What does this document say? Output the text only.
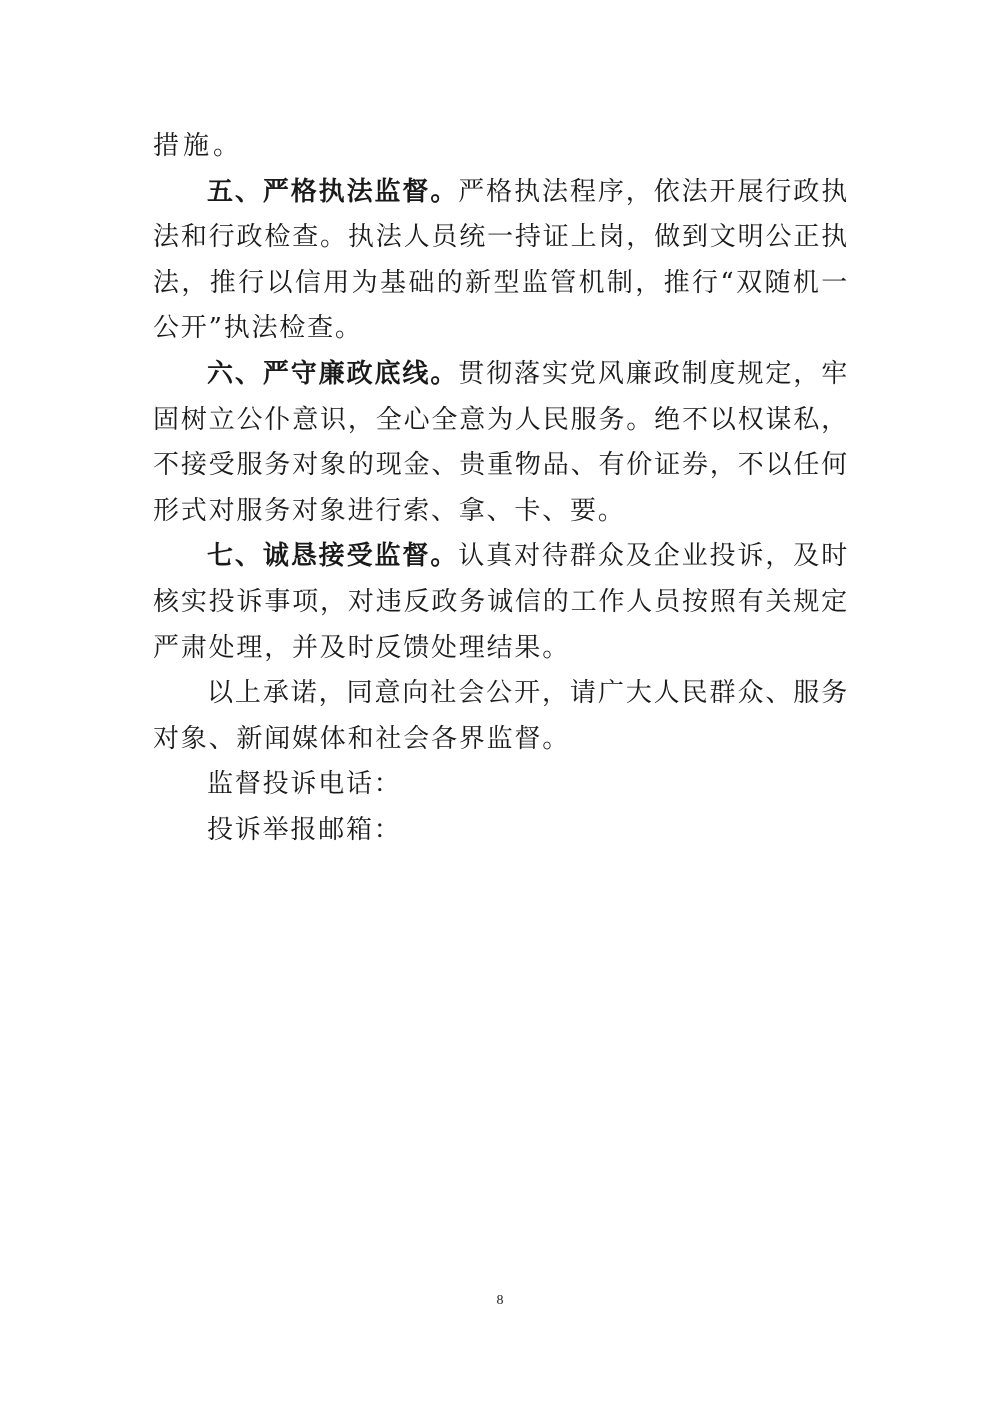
措施。

五、严格执法监督。严格执法程序，依法开展行政执法和行政检查。执法人员统一持证上岗，做到文明公正执法，推行以信用为基础的新型监管机制，推行“双随机一公开”执法检查。

六、严守廉政底线。贯彻落实党风廉政制度规定，牢固树立公仆意识，全心全意为人民服务。绝不以权谋私，不接受服务对象的现金、贵重物品、有价证券，不以任何形式对服务对象进行索、拿、卡、要。

七、诚恳接受监督。认真对待群众及企业投诉，及时核实投诉事项，对违反政务诚信的工作人员按照有关规定严肃处理，并及时反馈处理结果。

以上承诺，同意向社会公开，请广大人民群众、服务对象、新闻媒体和社会各界监督。

监督投诉电话：

投诉举报邮箱：

8
